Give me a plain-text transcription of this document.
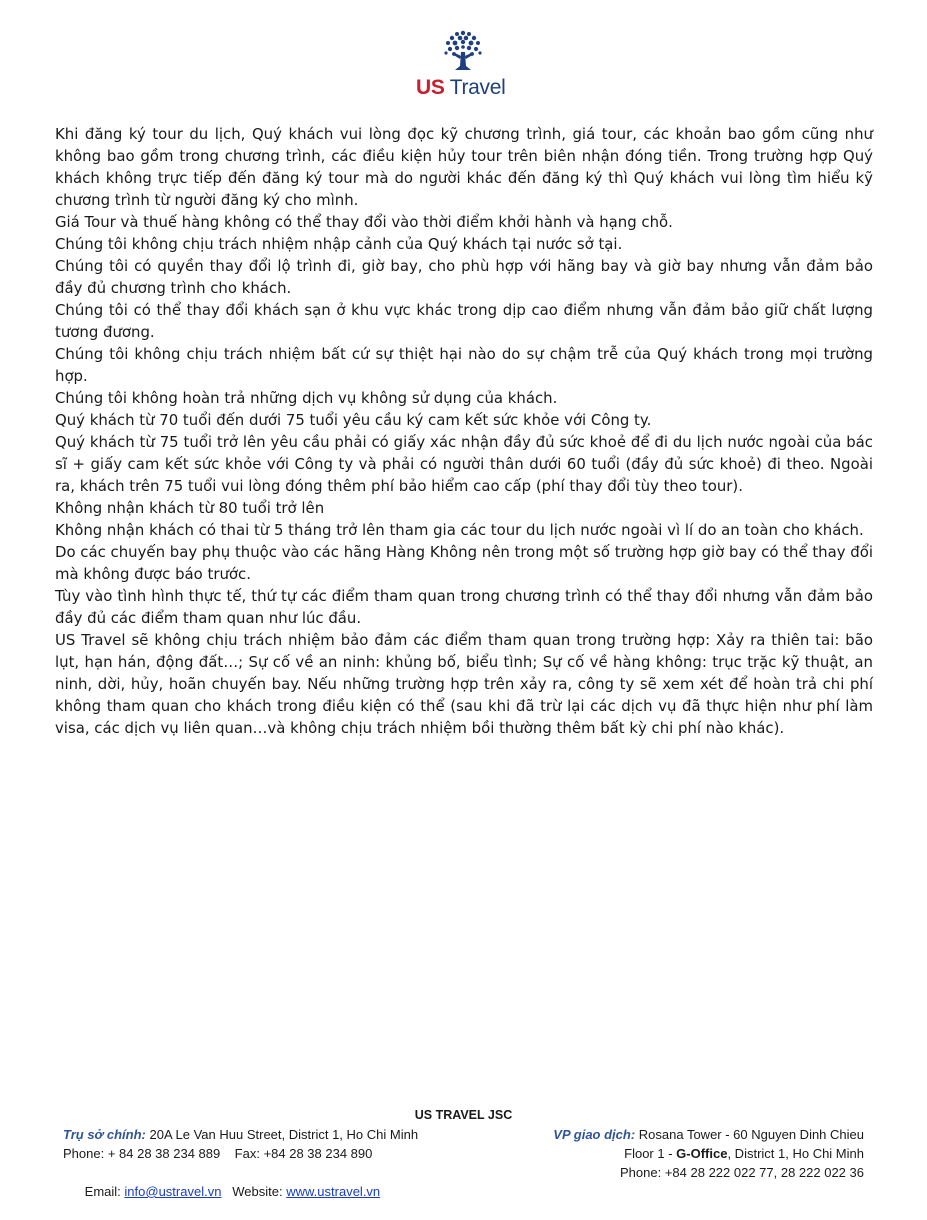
US Travel

Khi đăng ký tour du lịch, Quý khách vui lòng đọc kỹ chương trình, giá tour, các khoản bao gồm cũng như không bao gồm trong chương trình, các điều kiện hủy tour trên biên nhận đóng tiền. Trong trường hợp Quý khách không trực tiếp đến đăng ký tour mà do người khác đến đăng ký thì Quý khách vui lòng tìm hiểu kỹ chương trình từ người đăng ký cho mình.

Giá Tour và thuế hàng không có thể thay đổi vào thời điểm khởi hành và hạng chỗ.

Chúng tôi không chịu trách nhiệm nhập cảnh của Quý khách tại nước sở tại.

Chúng tôi có quyền thay đổi lộ trình đi, giờ bay, cho phù hợp với hãng bay và giờ bay nhưng vẫn đảm bảo đầy đủ chương trình cho khách.

Chúng tôi có thể thay đổi khách sạn ở khu vực khác trong dịp cao điểm nhưng vẫn đảm bảo giữ chất lượng tương đương.

Chúng tôi không chịu trách nhiệm bất cứ sự thiệt hại nào do sự chậm trễ của Quý khách trong mọi trường hợp.

Chúng tôi không hoàn trả những dịch vụ không sử dụng của khách.

Quý khách từ 70 tuổi đến dưới 75 tuổi yêu cầu ký cam kết sức khỏe với Công ty.

Quý khách từ 75 tuổi trở lên yêu cầu phải có giấy xác nhận đầy đủ sức khoẻ để đi du lịch nước ngoài của bác sĩ + giấy cam kết sức khỏe với Công ty và phải có người thân dưới 60 tuổi (đầy đủ sức khoẻ) đi theo. Ngoài ra, khách trên 75 tuổi vui lòng đóng thêm phí bảo hiểm cao cấp (phí thay đổi tùy theo tour).

Không nhận khách từ 80 tuổi trở lên

Không nhận khách có thai từ 5 tháng trở lên tham gia các tour du lịch nước ngoài vì lí do an toàn cho khách.

Do các chuyến bay phụ thuộc vào các hãng Hàng Không nên trong một số trường hợp giờ bay có thể thay đổi mà không được báo trước.

Tùy vào tình hình thực tế, thứ tự các điểm tham quan trong chương trình có thể thay đổi nhưng vẫn đảm bảo đầy đủ các điểm tham quan như lúc đầu.

US Travel sẽ không chịu trách nhiệm bảo đảm các điểm tham quan trong trường hợp: Xảy ra thiên tai: bão lụt, hạn hán, động đất…; Sự cố về an ninh: khủng bố, biểu tình; Sự cố về hàng không: trục trặc kỹ thuật, an ninh, dời, hủy, hoãn chuyến bay. Nếu những trường hợp trên xảy ra, công ty sẽ xem xét để hoàn trả chi phí không tham quan cho khách trong điều kiện có thể (sau khi đã trừ lại các dịch vụ đã thực hiện như phí làm visa, các dịch vụ liên quan…và không chịu trách nhiệm bồi thường thêm bất kỳ chi phí nào khác).

US TRAVEL JSC
Trụ sở chính: 20A Le Van Huu Street, District 1, Ho Chi Minh
Phone: + 84 28 38 234 889    Fax: +84 28 38 234 890

Email: info@ustravel.vn   Website: www.ustravel.vn

VP giao dịch: Rosana Tower - 60 Nguyen Dinh Chieu
Floor 1 - G-Office, District 1, Ho Chi Minh
Phone: +84 28 222 022 77, 28 222 022 36
